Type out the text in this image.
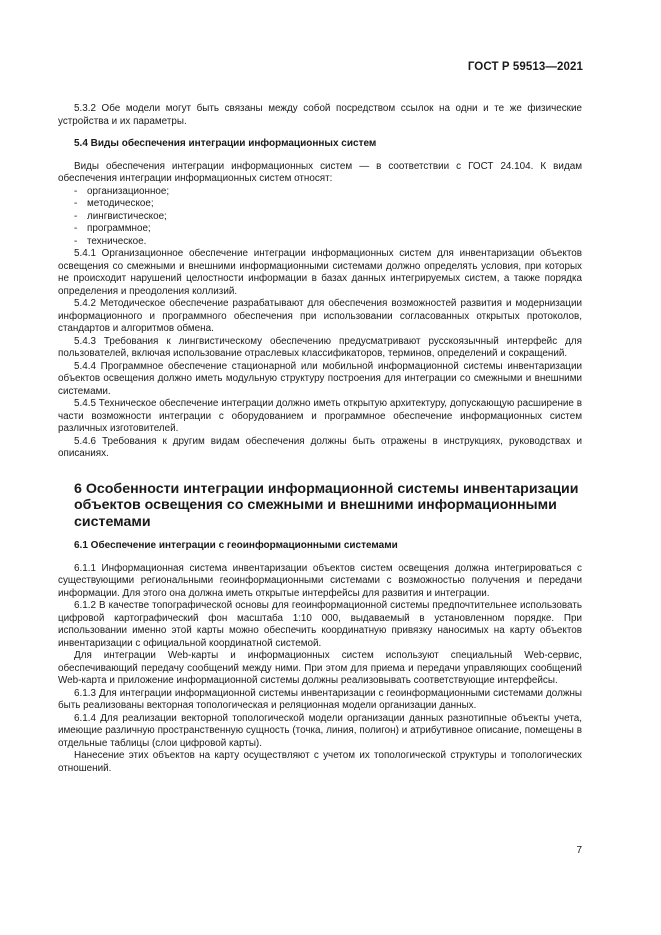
ГОСТ Р 59513—2021

5.3.2 Обе модели могут быть связаны между собой посредством ссылок на одни и те же физические устройства и их параметры.

5.4 Виды обеспечения интеграции информационных систем

Виды обеспечения интеграции информационных систем — в соответствии с ГОСТ 24.104. К видам обеспечения интеграции информационных систем относят:

- организационное;
- методическое;
- лингвистическое;
- программное;
- техническое.

5.4.1 Организационное обеспечение интеграции информационных систем для инвентаризации объектов освещения со смежными и внешними информационными системами должно определять условия, при которых не происходит нарушений целостности информации в базах данных интегрируемых систем, а также порядка определения и преодоления коллизий.

5.4.2 Методическое обеспечение разрабатывают для обеспечения возможностей развития и модернизации информационного и программного обеспечения при использовании согласованных открытых протоколов, стандартов и алгоритмов обмена.

5.4.3 Требования к лингвистическому обеспечению предусматривают русскоязычный интерфейс для пользователей, включая использование отраслевых классификаторов, терминов, определений и сокращений.

5.4.4 Программное обеспечение стационарной или мобильной информационной системы инвентаризации объектов освещения должно иметь модульную структуру построения для интеграции со смежными и внешними системами.

5.4.5 Техническое обеспечение интеграции должно иметь открытую архитектуру, допускающую расширение в части возможности интеграции с оборудованием и программное обеспечение информационных систем различных изготовителей.

5.4.6 Требования к другим видам обеспечения должны быть отражены в инструкциях, руководствах и описаниях.

6 Особенности интеграции информационной системы инвентаризации объектов освещения со смежными и внешними информационными системами
6.1 Обеспечение интеграции с геоинформационными системами

6.1.1 Информационная система инвентаризации объектов систем освещения должна интегрироваться с существующими региональными геоинформационными системами с возможностью получения и передачи информации. Для этого она должна иметь открытые интерфейсы для развития и интеграции.

6.1.2 В качестве топографической основы для геоинформационной системы предпочтительнее использовать цифровой картографический фон масштаба 1:10 000, выдаваемый в установленном порядке. При использовании именно этой карты можно обеспечить координатную привязку наносимых на карту объектов инвентаризации с официальной координатной системой.

Для интеграции Web-карты и информационных систем используют специальный Web-сервис, обеспечивающий передачу сообщений между ними. При этом для приема и передачи управляющих сообщений Web-карта и приложение информационной системы должны реализовывать соответствующие интерфейсы.

6.1.3 Для интеграции информационной системы инвентаризации с геоинформационными системами должны быть реализованы векторная топологическая и реляционная модели организации данных.

6.1.4 Для реализации векторной топологической модели организации данных разнотипные объекты учета, имеющие различную пространственную сущность (точка, линия, полигон) и атрибутивное описание, помещены в отдельные таблицы (слои цифровой карты).

Нанесение этих объектов на карту осуществляют с учетом их топологической структуры и топологических отношений.

7
